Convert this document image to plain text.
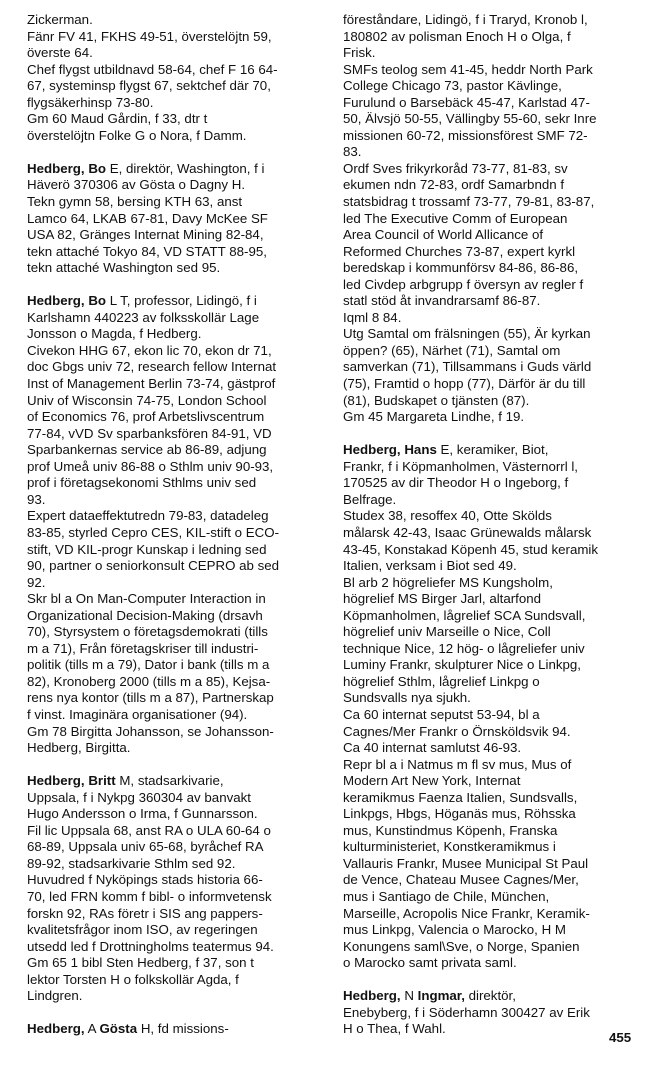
Zickerman.
Fänr FV 41, FKHS 49-51, överstelöjtn 59,
överste 64.
Chef flygst utbildnavd 58-64, chef F 16 64-
67, systeminsp flygst 67, sektchef där 70,
flygsäkerhinsp 73-80.
Gm 60 Maud Gårdin, f 33, dtr t
överstelöjtn Folke G o Nora, f Damm.
Hedberg, Bo E, direktör, Washington, f i
Häverö 370306 av Gösta o Dagny H.
Tekn gymn 58, bersing KTH 63, anst
Lamco 64, LKAB 67-81, Davy McKee SF
USA 82, Gränges Internat Mining 82-84,
tekn attaché Tokyo 84, VD STATT 88-95,
tekn attaché Washington sed 95.
Hedberg, Bo L T, professor, Lidingö, f i
Karlshamn 440223 av folksskollär Lage
Jonsson o Magda, f Hedberg.
Civekon HHG 67, ekon lic 70, ekon dr 71,
doc Gbgs univ 72, research fellow Internat
Inst of Management Berlin 73-74, gästprof
Univ of Wisconsin 74-75, London School
of Economics 76, prof Arbetslivscentrum
77-84, vVD Sv sparbanksfören 84-91, VD
Sparbankernas service ab 86-89, adjung
prof Umeå univ 86-88 o Sthlm univ 90-93,
prof i företagsekonomi Sthlms univ sed
93.
Expert dataeffektutredn 79-83, datadeleg
83-85, styrled Cepro CES, KIL-stift o ECO-
stift, VD KIL-progr Kunskap i ledning sed
90, partner o seniorkonsult CEPRO ab sed
92.
Skr bl a On Man-Computer Interaction in
Organizational Decision-Making (drsavh
70), Styrsystem o företagsdemokrati (tills
m a 71), Från företagskriser till industri-
politik (tills m a 79), Dator i bank (tills m a
82), Kronoberg 2000 (tills m a 85), Kejsa-
rens nya kontor (tills m a 87), Partnerskap
f vinst. Imaginära organisationer (94).
Gm 78 Birgitta Johansson, se Johansson-
Hedberg, Birgitta.
Hedberg, Britt M, stadsarkivarie,
Uppsala, f i Nykpg 360304 av banvakt
Hugo Andersson o Irma, f Gunnarsson.
Fil lic Uppsala 68, anst RA o ULA 60-64 o
68-89, Uppsala univ 65-68, byråchef RA
89-92, stadsarkivarie Sthlm sed 92.
Huvudred f Nyköpings stads historia 66-
70, led FRN komm f bibl- o informvetensk
forskn 92, RAs företr i SIS ang pappers-
kvalitetsfrågor inom ISO, av regeringen
utsedd led f Drottningholms teatermus 94.
Gm 65 1 bibl Sten Hedberg, f 37, son t
lektor Torsten H o folkskollär Agda, f
Lindgren.
Hedberg, A Gösta H, fd missions-
föreståndare, Lidingö, f i Traryd, Kronob l,
180802 av polisman Enoch H o Olga, f
Frisk.
SMFs teolog sem 41-45, heddr North Park
College Chicago 73, pastor Kävlinge,
Furulund o Barsebäck 45-47, Karlstad 47-
50, Älvsjö 50-55, Vällingby 55-60, sekr Inre
missionen 60-72, missionsförest SMF 72-
83.
Ordf Sves frikyrkoråd 73-77, 81-83, sv
ekumen ndn 72-83, ordf Samarbndn f
statsbidrag t trossamf 73-77, 79-81, 83-87,
led The Executive Comm of European
Area Council of World Allicance of
Reformed Churches 73-87, expert kyrkl
beredskap i kommunförsv 84-86, 86-86,
led Civdep arbgrupp f översyn av regler f
statl stöd åt invandrarsamf 86-87.
Iqml 8 84.
Utg Samtal om frälsningen (55), Är kyrkan
öppen? (65), Närhet (71), Samtal om
samverkan (71), Tillsammans i Guds värld
(75), Framtid o hopp (77), Därför är du till
(81), Budskapet o tjänsten (87).
Gm 45 Margareta Lindhe, f 19.
Hedberg, Hans E, keramiker, Biot,
Frankr, f i Köpmanholmen, Västernorrl l,
170525 av dir Theodor H o Ingeborg, f
Belfrage.
Studex 38, resoffex 40, Otte Skölds
målarsk 42-43, Isaac Grünewalds målarsk
43-45, Konstakad Köpenh 45, stud keramik
Italien, verksam i Biot sed 49.
Bl arb 2 högreliefer MS Kungsholm,
högrelief MS Birger Jarl, altarfond
Köpmanholmen, lågrelief SCA Sundsvall,
högrelief univ Marseille o Nice, Coll
technique Nice, 12 hög- o lågreliefer univ
Luminy Frankr, skulpturer Nice o Linkpg,
högrelief Sthlm, lågrelief Linkpg o
Sundsvalls nya sjukh.
Ca 60 internat seputst 53-94, bl a
Cagnes/Mer Frankr o Örnsköldsvik 94.
Ca 40 internat samlutst 46-93.
Repr bl a i Natmus m fl sv mus, Mus of
Modern Art New York, Internat
keramikmus Faenza Italien, Sundsvalls,
Linkpgs, Hbgs, Höganäs mus, Röhsska
mus, Kunstindmus Köpenh, Franska
kulturministeriet, Konstkeramikmus i
Vallauris Frankr, Musee Municipal St Paul
de Vence, Chateau Musee Cagnes/Mer,
mus i Santiago de Chile, München,
Marseille, Acropolis Nice Frankr, Keramik-
mus Linkpg, Valencia o Marocko, H M
Konungens saml\Sve, o Norge, Spanien
o Marocko samt privata saml.
Hedberg, N Ingmar, direktör,
Enebyberg, f i Söderhamn 300427 av Erik
H o Thea, f Wahl.
455
